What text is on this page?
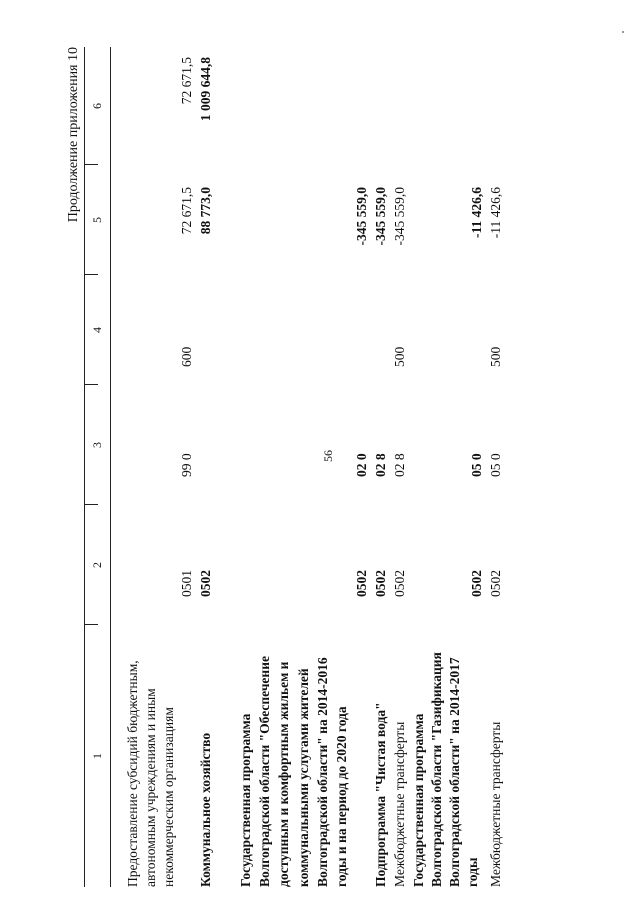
56
Продолжение приложения 10
1
2
3
4
5
6
Предоставление субсидий бюджетным, автономным учреждениям и иным некоммерческим организациям
0501
99 0
600
72 671,5
72 671,5
Коммунальное хозяйство
0502
88 773,0
1 009 644,8
Государственная программа Волгоградской области "Обеспечение доступным и комфортным жильем и коммунальными услугами жителей Волгоградской области" на 2014-2016 годы и на период до 2020 года
0502
02 0
-345 559,0
Подпрограмма "Чистая вода"
0502
02 8
-345 559,0
Межбюджетные трансферты
0502
02 8
500
-345 559,0
Государственная программа Волгоградской области "Газификация Волгоградской области" на 2014-2017 годы
0502
05 0
-11 426,6
Межбюджетные трансферты
0502
05 0
500
-11 426,6
